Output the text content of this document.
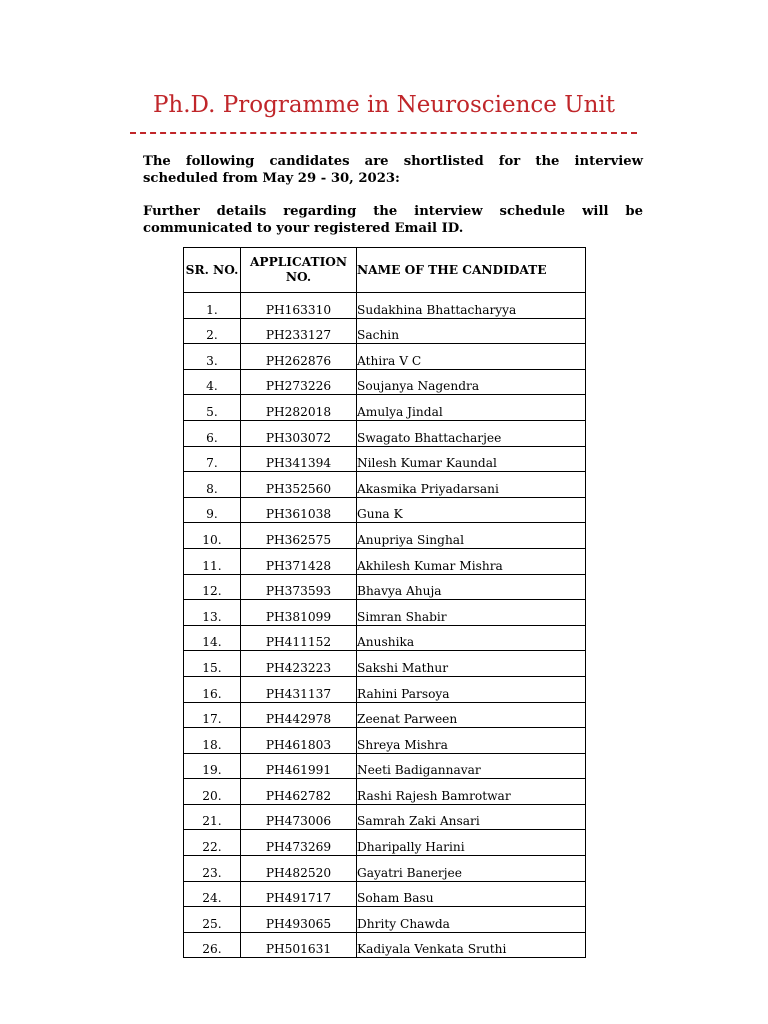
Ph.D. Programme in Neuroscience Unit
The following candidates are shortlisted for the interview scheduled from May 29 - 30, 2023:
Further details regarding the interview schedule will be communicated to your registered Email ID.
SR. NO.	APPLICATION NO.	NAME OF THE CANDIDATE
1.	PH163310	Sudakhina Bhattacharyya
2.	PH233127	Sachin
3.	PH262876	Athira V C
4.	PH273226	Soujanya Nagendra
5.	PH282018	Amulya Jindal
6.	PH303072	Swagato Bhattacharjee
7.	PH341394	Nilesh Kumar Kaundal
8.	PH352560	Akasmika Priyadarsani
9.	PH361038	Guna K
10.	PH362575	Anupriya Singhal
11.	PH371428	Akhilesh Kumar Mishra
12.	PH373593	Bhavya Ahuja
13.	PH381099	Simran Shabir
14.	PH411152	Anushika
15.	PH423223	Sakshi Mathur
16.	PH431137	Rahini Parsoya
17.	PH442978	Zeenat Parween
18.	PH461803	Shreya Mishra
19.	PH461991	Neeti Badigannavar
20.	PH462782	Rashi Rajesh Bamrotwar
21.	PH473006	Samrah Zaki Ansari
22.	PH473269	Dharipally Harini
23.	PH482520	Gayatri Banerjee
24.	PH491717	Soham Basu
25.	PH493065	Dhrity Chawda
26.	PH501631	Kadiyala Venkata Sruthi
